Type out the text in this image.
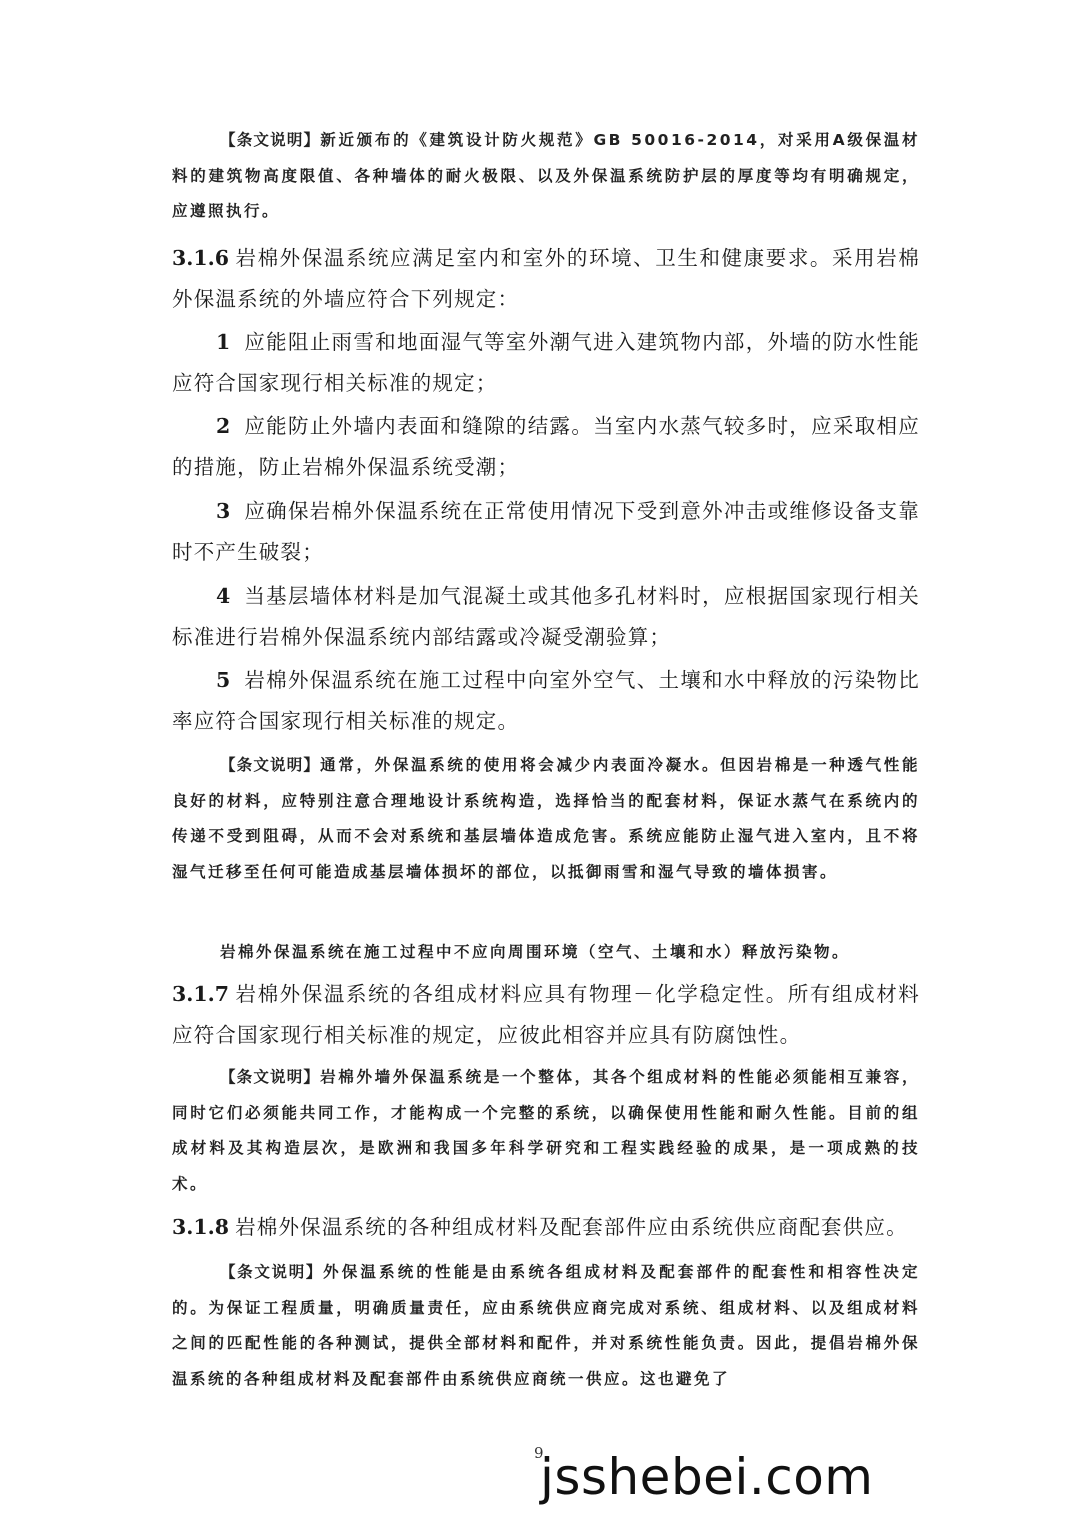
【条文说明】新近颁布的《建筑设计防火规范》GB 50016-2014，对采用A级保温材料的建筑物高度限值、各种墙体的耐火极限、以及外保温系统防护层的厚度等均有明确规定，应遵照执行。
3.1.6 岩棉外保温系统应满足室内和室外的环境、卫生和健康要求。采用岩棉外保温系统的外墙应符合下列规定：
1 应能阻止雨雪和地面湿气等室外潮气进入建筑物内部，外墙的防水性能应符合国家现行相关标准的规定；
2 应能防止外墙内表面和缝隙的结露。当室内水蒸气较多时，应采取相应的措施，防止岩棉外保温系统受潮；
3 应确保岩棉外保温系统在正常使用情况下受到意外冲击或维修设备支靠时不产生破裂；
4 当基层墙体材料是加气混凝土或其他多孔材料时，应根据国家现行相关标准进行岩棉外保温系统内部结露或冷凝受潮验算；
5 岩棉外保温系统在施工过程中向室外空气、土壤和水中释放的污染物比率应符合国家现行相关标准的规定。
【条文说明】通常，外保温系统的使用将会减少内表面冷凝水。但因岩棉是一种透气性能良好的材料，应特别注意合理地设计系统构造，选择恰当的配套材料，保证水蒸气在系统内的传递不受到阻碍，从而不会对系统和基层墙体造成危害。系统应能防止湿气进入室内，且不将湿气迁移至任何可能造成基层墙体损坏的部位，以抵御雨雪和湿气导致的墙体损害。
岩棉外保温系统在施工过程中不应向周围环境（空气、土壤和水）释放污染物。
3.1.7 岩棉外保温系统的各组成材料应具有物理－化学稳定性。所有组成材料应符合国家现行相关标准的规定，应彼此相容并应具有防腐蚀性。
【条文说明】岩棉外墙外保温系统是一个整体，其各个组成材料的性能必须能相互兼容，同时它们必须能共同工作，才能构成一个完整的系统，以确保使用性能和耐久性能。目前的组成材料及其构造层次，是欧洲和我国多年科学研究和工程实践经验的成果，是一项成熟的技术。
3.1.8 岩棉外保温系统的各种组成材料及配套部件应由系统供应商配套供应。
【条文说明】外保温系统的性能是由系统各组成材料及配套部件的配套性和相容性决定的。为保证工程质量，明确质量责任，应由系统供应商完成对系统、组成材料、以及组成材料之间的匹配性能的各种测试，提供全部材料和配件，并对系统性能负责。因此，提倡岩棉外保温系统的各种组成材料及配套部件由系统供应商统一供应。这也避免了
9
jsshebei.com
